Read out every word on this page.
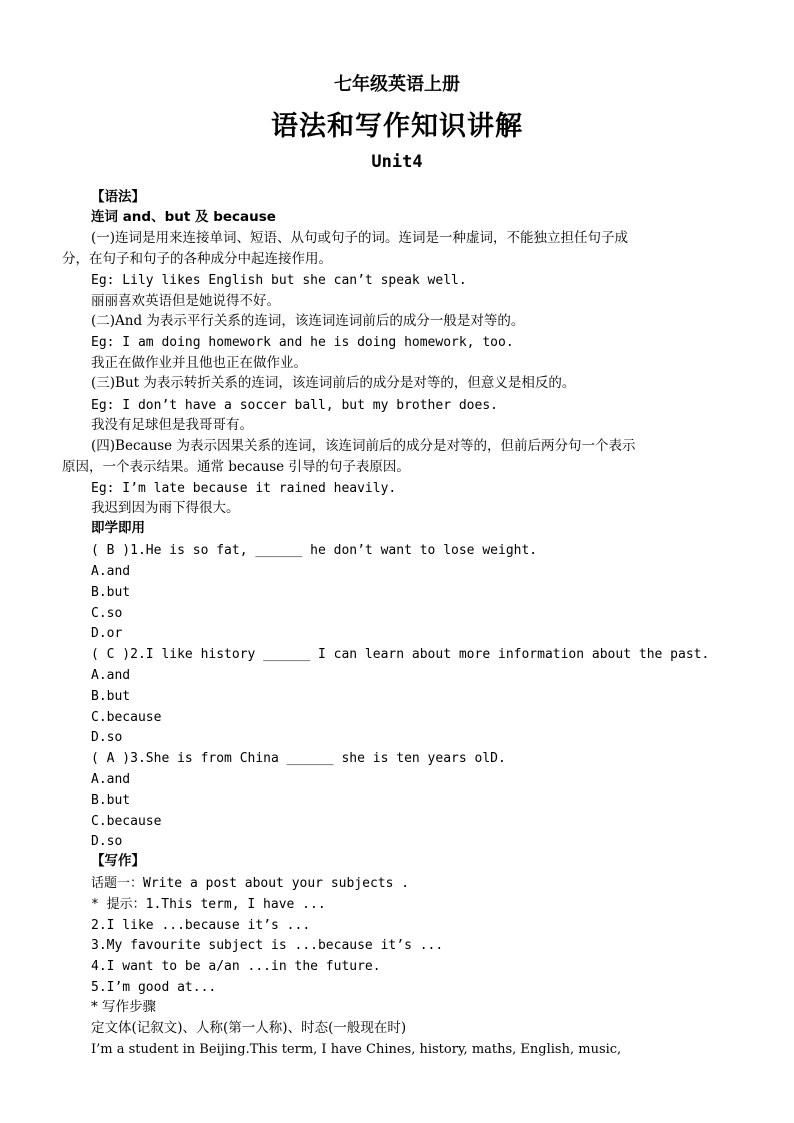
七年级英语上册
语法和写作知识讲解
Unit4
【语法】
连词 and、but 及 because
(一)连词是用来连接单词、短语、从句或句子的词。连词是一种虚词，不能独立担任句子成
分，在句子和句子的各种成分中起连接作用。
Eg: Lily likes English but she can’t speak well.
丽丽喜欢英语但是她说得不好。
(二)And 为表示平行关系的连词，该连词连词前后的成分一般是对等的。
Eg: I am doing homework and he is doing homework, too.
我正在做作业并且他也正在做作业。
(三)But 为表示转折关系的连词，该连词前后的成分是对等的，但意义是相反的。
Eg: I don’t have a soccer ball, but my brother does.
我没有足球但是我哥哥有。
(四)Because 为表示因果关系的连词，该连词前后的成分是对等的，但前后两分句一个表示
原因，一个表示结果。通常 because 引导的句子表原因。
Eg: I’m late because it rained heavily.
我迟到因为雨下得很大。
即学即用
( B )1.He is so fat, ______ he don’t want to lose weight.
A.and
B.but
C.so
D.or
( C )2.I like history ______ I can learn about more information about the past.
A.and
B.but
C.because
D.so
( A )3.She is from China ______ she is ten years olD.
A.and
B.but
C.because
D.so
【写作】
话题一：Write a post about your subjects .
* 提示：1.This term, I have ...
2.I like ...because it’s ...
3.My favourite subject is ...because it’s ...
4.I want to be a/an ...in the future.
5.I’m good at...
* 写作步骤
定文体(记叙文)、人称(第一人称)、时态(一般现在时)
I’m a student in Beijing.This term, I have Chines, history, maths, English, music,
